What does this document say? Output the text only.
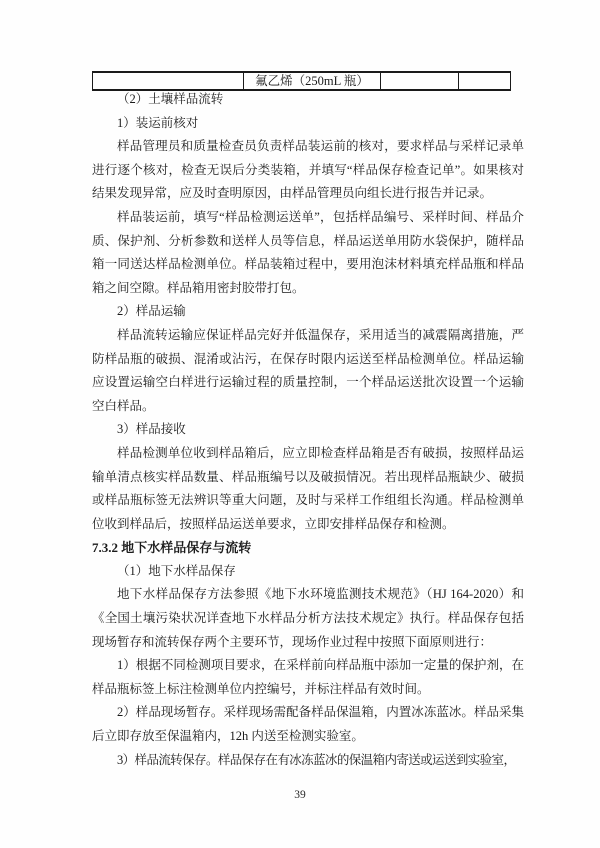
	氟乙烯（250mL 瓶）		
（2）土壤样品流转
1）装运前核对
样品管理员和质量检查员负责样品装运前的核对，要求样品与采样记录单进行逐个核对，检查无误后分类装箱，并填写“样品保存检查记单”。如果核对结果发现异常，应及时查明原因，由样品管理员向组长进行报告并记录。
样品装运前，填写“样品检测运送单”，包括样品编号、采样时间、样品介质、保护剂、分析参数和送样人员等信息，样品运送单用防水袋保护，随样品箱一同送达样品检测单位。样品装箱过程中，要用泡沫材料填充样品瓶和样品箱之间空隙。样品箱用密封胶带打包。
2）样品运输
样品流转运输应保证样品完好并低温保存，采用适当的减震隔离措施，严防样品瓶的破损、混淆或沾污，在保存时限内运送至样品检测单位。样品运输应设置运输空白样进行运输过程的质量控制，一个样品运送批次设置一个运输空白样品。
3）样品接收
样品检测单位收到样品箱后，应立即检查样品箱是否有破损，按照样品运输单清点核实样品数量、样品瓶编号以及破损情况。若出现样品瓶缺少、破损或样品瓶标签无法辨识等重大问题，及时与采样工作组组长沟通。样品检测单位收到样品后，按照样品运送单要求，立即安排样品保存和检测。
7.3.2 地下水样品保存与流转
（1）地下水样品保存
地下水样品保存方法参照《地下水环境监测技术规范》（HJ 164-2020）和《全国土壤污染状况详查地下水样品分析方法技术规定》执行。样品保存包括现场暂存和流转保存两个主要环节，现场作业过程中按照下面原则进行：
1）根据不同检测项目要求，在采样前向样品瓶中添加一定量的保护剂，在样品瓶标签上标注检测单位内控编号，并标注样品有效时间。
2）样品现场暂存。采样现场需配备样品保温箱，内置冰冻蓝冰。样品采集后立即存放至保温箱内，12h 内送至检测实验室。
3）样品流转保存。样品保存在有冰冻蓝冰的保温箱内寄送或运送到实验室，
39
